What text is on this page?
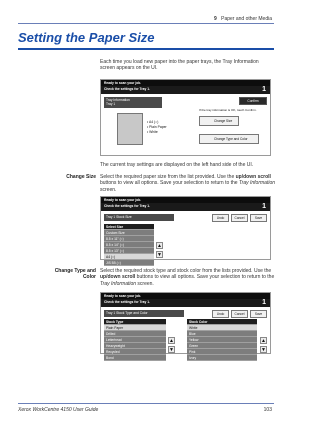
9 Paper and other Media
Setting the Paper Size
Each time you load new paper into the paper trays, the Tray Information screen appears on the UI.
Ready to scan your job.
Check the settings for Tray 1.	1
Tray Information
Tray 1
Confirm
If the tray information is OK, touch Confirm.
• A4 (○)
• Plain Paper
• White
Change Size
Change Type and Color
The current tray settings are displayed on the left hand side of the UI.
Change Size Select the required paper size from the list provided. Use the up/down scroll buttons to view all options. Save your selection to return to the Tray Information screen.
Ready to scan your job.
Check the settings for Tray 1.	1
Tray 1 Stock Size	Undo	Cancel	Save
Select Size
Custom Size
8.5 x 11" (○)
8.5 x 14" (○)
8.5 x 13" (○)
A4 (○)
JIS B5 (○)
▲
▼
Change Type and
Color
Select the required stock type and stock color from the lists provided. Use the up/down scroll buttons to view all options. Save your selection to return to the Tray Information screen.
Ready to scan your job.
Check the settings for Tray 1.	1
Tray 1 Stock Type and Color	Undo	Cancel	Save
Stock Type
Plain Paper
Drilled
Letterhead
Heavyweight
Recycled
Bond
▲
▼
Stock Color
White
Blue
Yellow
Green
Pink
Ivory
▲
▼
Xerox WorkCentre 4150 User Guide	103
